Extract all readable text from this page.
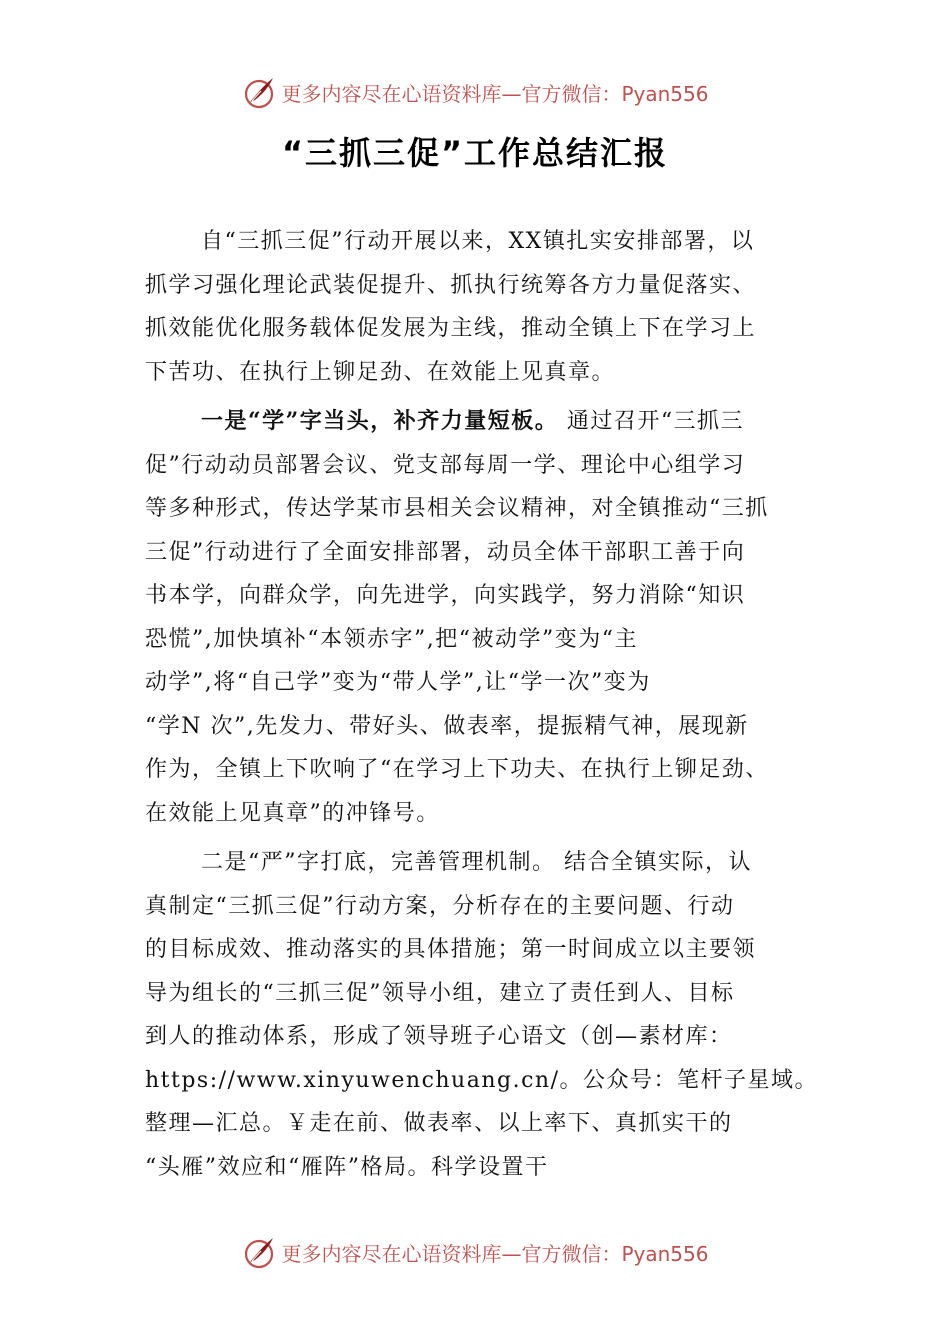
更多内容尽在心语资料库—官方微信：Pyan556
“三抓三促”工作总结汇报
自“三抓三促”行动开展以来，XX镇扎实安排部署，以
抓学习强化理论武装促提升、抓执行统筹各方力量促落实、
抓效能优化服务载体促发展为主线，推动全镇上下在学习上
下苦功、在执行上铆足劲、在效能上见真章。
一是“学”字当头，补齐力量短板。 通过召开“三抓三
促”行动动员部署会议、党支部每周一学、理论中心组学习
等多种形式，传达学某市县相关会议精神，对全镇推动“三抓
三促”行动进行了全面安排部署，动员全体干部职工善于向
书本学，向群众学，向先进学，向实践学，努力消除“知识
恐慌”,加快填补“本领赤字”,把“被动学”变为“主
动学”,将“自己学”变为“带人学”,让“学一次”变为
“学N 次”,先发力、带好头、做表率，提振精气神，展现新
作为，全镇上下吹响了“在学习上下功夫、在执行上铆足劲、
在效能上见真章”的冲锋号。
二是“严”字打底，完善管理机制。 结合全镇实际，认
真制定“三抓三促”行动方案，分析存在的主要问题、行动
的目标成效、推动落实的具体措施；第一时间成立以主要领
导为组长的“三抓三促”领导小组，建立了责任到人、目标
到人的推动体系，形成了领导班子心语文（创—素材库：
https://www.xinyuwenchuang.cn/。公众号：笔杆子星域。
整理—汇总。￥走在前、做表率、以上率下、真抓实干的
“头雁”效应和“雁阵”格局。科学设置干
更多内容尽在心语资料库—官方微信：Pyan556
